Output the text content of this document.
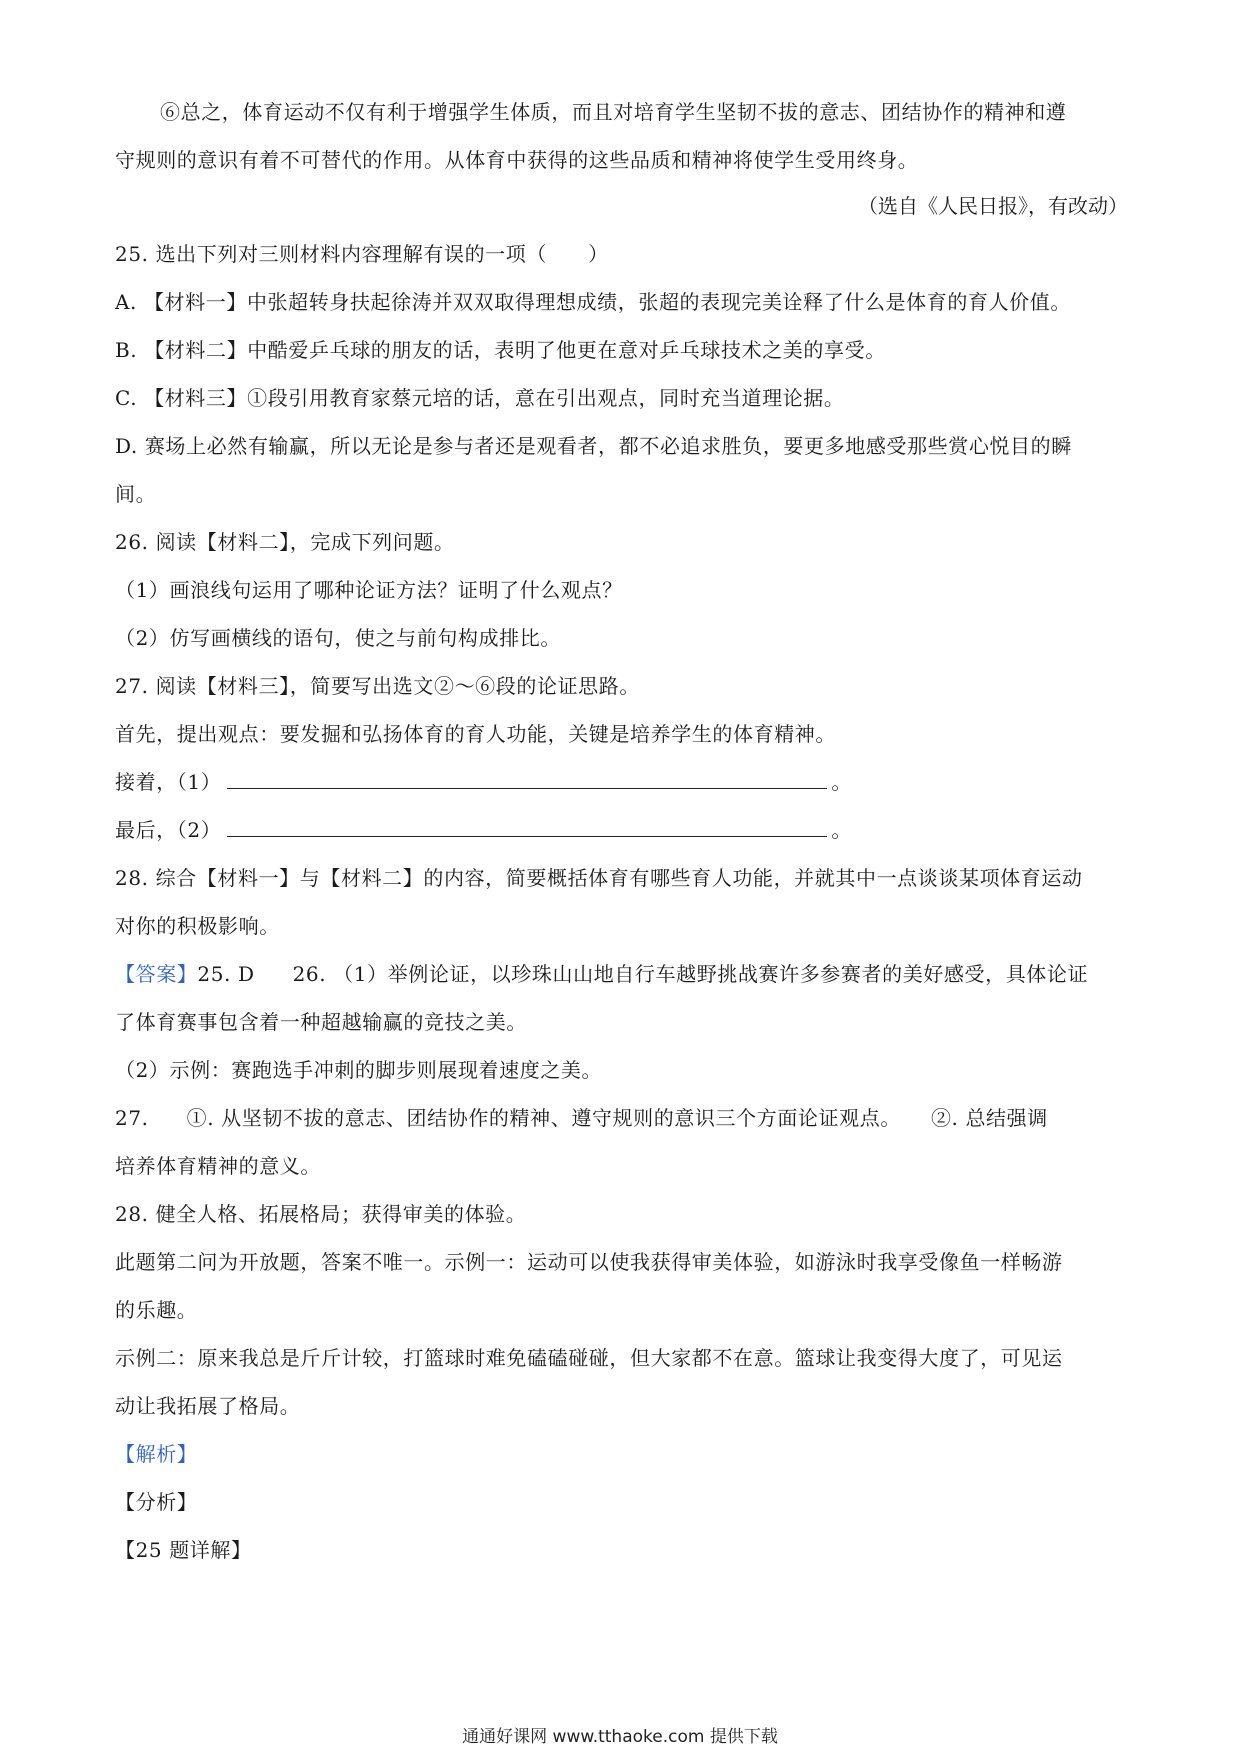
⑥总之，体育运动不仅有利于增强学生体质，而且对培育学生坚韧不拔的意志、团结协作的精神和遵
守规则的意识有着不可替代的作用。从体育中获得的这些品质和精神将使学生受用终身。
（选自《人民日报》，有改动）
25. 选出下列对三则材料内容理解有误的一项（　　）
A. 【材料一】中张超转身扶起徐涛并双双取得理想成绩，张超的表现完美诠释了什么是体育的育人价值。
B. 【材料二】中酷爱乒乓球的朋友的话，表明了他更在意对乒乓球技术之美的享受。
C. 【材料三】①段引用教育家蔡元培的话，意在引出观点，同时充当道理论据。
D. 赛场上必然有输赢，所以无论是参与者还是观看者，都不必追求胜负，要更多地感受那些赏心悦目的瞬
间。
26. 阅读【材料二】，完成下列问题。
（1）画浪线句运用了哪种论证方法？证明了什么观点？
（2）仿写画横线的语句，使之与前句构成排比。
27. 阅读【材料三】，简要写出选文②～⑥段的论证思路。
首先，提出观点：要发掘和弘扬体育的育人功能，关键是培养学生的体育精神。
接着，（1）	。
最后，（2）	。
28. 综合【材料一】与【材料二】的内容，简要概括体育有哪些育人功能，并就其中一点谈谈某项体育运动
对你的积极影响。
【答案】25. D 26. （1）举例论证，以珍珠山山地自行车越野挑战赛许多参赛者的美好感受，具体论证
了体育赛事包含着一种超越输赢的竞技之美。
（2）示例：赛跑选手冲刺的脚步则展现着速度之美。
27. ①. 从坚韧不拔的意志、团结协作的精神、遵守规则的意识三个方面论证观点。 ②. 总结强调
培养体育精神的意义。
28. 健全人格、拓展格局；获得审美的体验。
此题第二问为开放题，答案不唯一。示例一：运动可以使我获得审美体验，如游泳时我享受像鱼一样畅游
的乐趣。
示例二：原来我总是斤斤计较，打篮球时难免磕磕碰碰，但大家都不在意。篮球让我变得大度了，可见运
动让我拓展了格局。
【解析】
【分析】
【25 题详解】
通通好课网 www.tthaoke.com 提供下载
